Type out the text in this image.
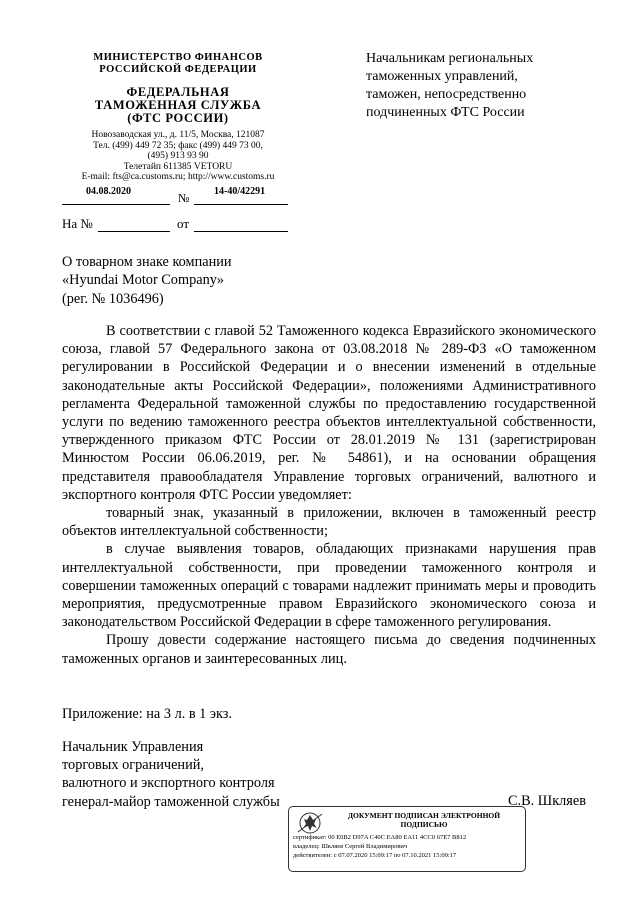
МИНИСТЕРСТВО ФИНАНСОВ
РОССИЙСКОЙ ФЕДЕРАЦИИ
ФЕДЕРАЛЬНАЯ
ТАМОЖЕННАЯ СЛУЖБА
(ФТС РОССИИ)
Новозаводская ул., д. 11/5, Москва, 121087
Тел. (499) 449 72 35; факс (499) 449 73 00,
(495) 913 93 90
Телетайп 611385 VETORU
E-mail: fts@ca.customs.ru; http://www.customs.ru
04.08.2020	№ 14-40/42291
На №	от
Начальникам региональных
таможенных управлений,
таможен, непосредственно
подчиненных ФТС России
О товарном знаке компании
«Hyundai Motor Company»
(рег. № 1036496)

В соответствии с главой 52 Таможенного кодекса Евразийского экономического союза, главой 57 Федерального закона от 03.08.2018 № 289-ФЗ «О таможенном регулировании в Российской Федерации и о внесении изменений в отдельные законодательные акты Российской Федерации», положениями Административного регламента Федеральной таможенной службы по предоставлению государственной услуги по ведению таможенного реестра объектов интеллектуальной собственности, утвержденного приказом ФТС России от 28.01.2019 № 131 (зарегистрирован Минюстом России 06.06.2019, рег. № 54861), и на основании обращения представителя правообладателя Управление торговых ограничений, валютного и экспортного контроля ФТС России уведомляет:

товарный знак, указанный в приложении, включен в таможенный реестр объектов интеллектуальной собственности;

в случае выявления товаров, обладающих признаками нарушения прав интеллектуальной собственности, при проведении таможенного контроля и совершении таможенных операций с товарами надлежит принимать меры и проводить мероприятия, предусмотренные правом Евразийского экономического союза и законодательством Российской Федерации в сфере таможенного регулирования.

Прошу довести содержание настоящего письма до сведения подчиненных таможенных органов и заинтересованных лиц.

Приложение: на 3 л. в 1 экз.
Начальник Управления
торговых ограничений,
валютного и экспортного контроля
генерал-майор таможенной службы	С.В. Шкляев
ДОКУМЕНТ ПОДПИСАН ЭЛЕКТРОННОЙ
ПОДПИСЬЮ
сертификат: 00 E0B2 D97A C40C EA80 EA11 4CC0 67E7 B812
владелец: Шкляев Сергей Владимирович
действителен: с 07.07.2020 15:09:17 по 07.10.2021 15:09:17
